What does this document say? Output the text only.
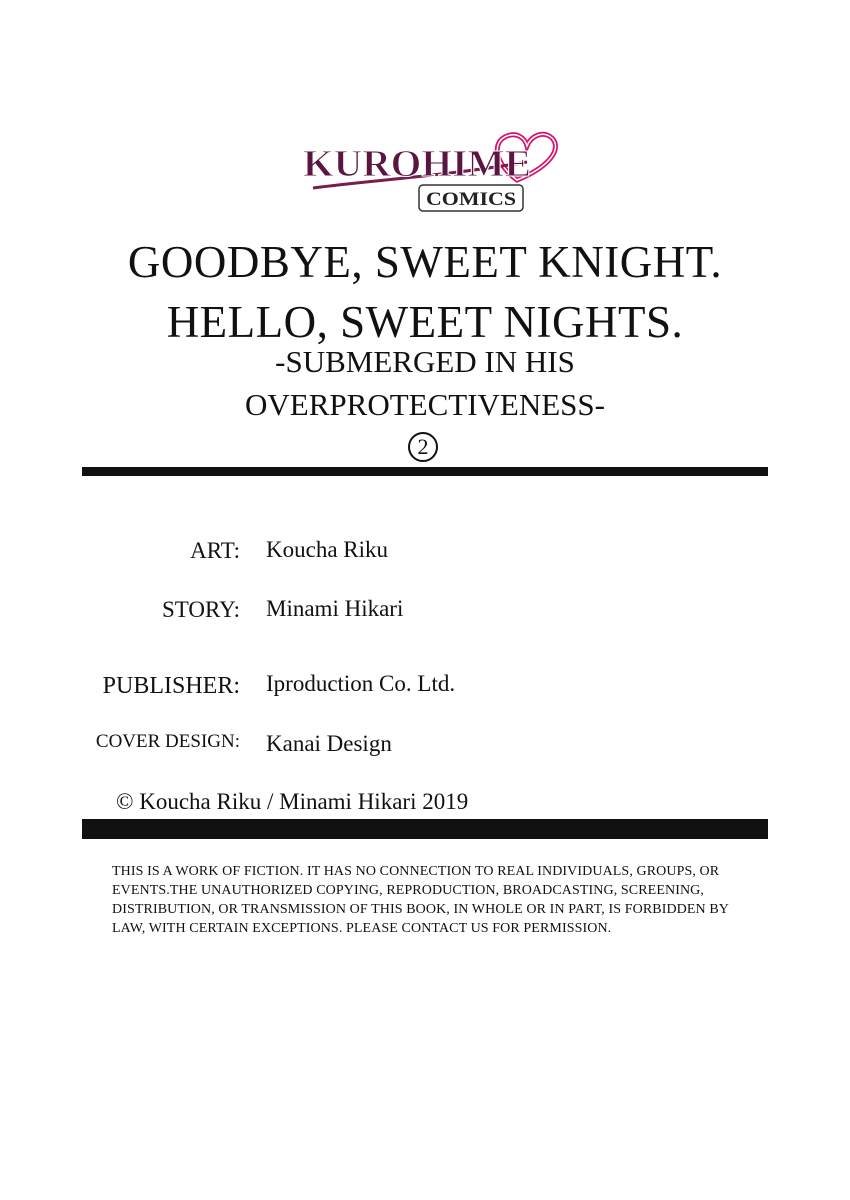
KUROHIME
COMICS
GOODBYE, SWEET KNIGHT.
HELLO, SWEET NIGHTS.
-SUBMERGED IN HIS
OVERPROTECTIVENESS-
2
ART: Koucha Riku
STORY: Minami Hikari
PUBLISHER: Iproduction Co. Ltd.
COVER DESIGN: Kanai Design
© Koucha Riku / Minami Hikari 2019
THIS IS A WORK OF FICTION. IT HAS NO CONNECTION TO REAL INDIVIDUALS, GROUPS, OR EVENTS.THE UNAUTHORIZED COPYING, REPRODUCTION, BROADCASTING, SCREENING, DISTRIBUTION, OR TRANSMISSION OF THIS BOOK, IN WHOLE OR IN PART, IS FORBIDDEN BY LAW, WITH CERTAIN EXCEPTIONS. PLEASE CONTACT US FOR PERMISSION.
